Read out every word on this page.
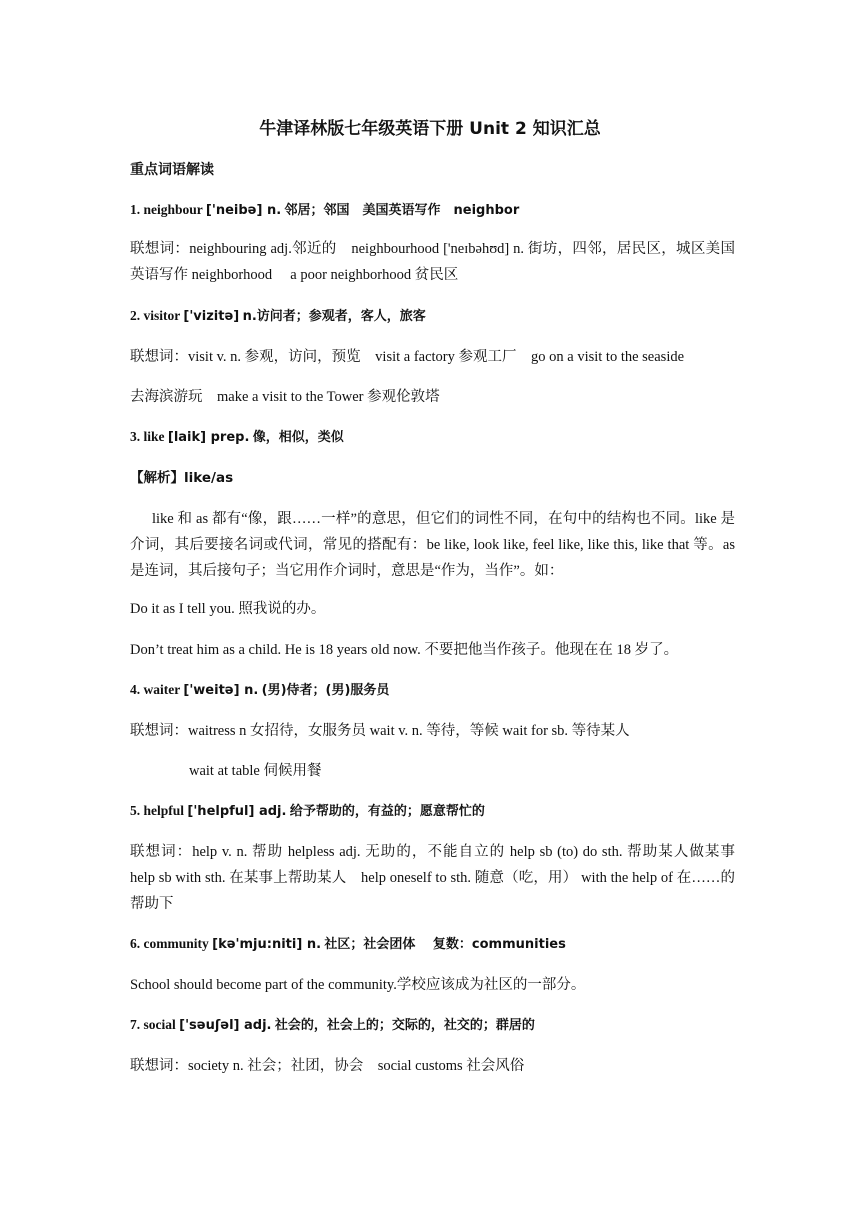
牛津译林版七年级英语下册 Unit 2 知识汇总

重点词语解读

1. neighbour ['neibə] n. 邻居；邻国　美国英语写作　neighbor

联想词：neighbouring adj.邻近的　neighbourhood ['neɪbəhʊd] n. 街坊，四邻，居民区，城区美国英语写作 neighborhood　 a poor neighborhood 贫民区

2. visitor ['vizitə] n.访问者；参观者，客人，旅客

联想词：visit v. n. 参观，访问，预览　visit a factory 参观工厂　go on a visit to the seaside

去海滨游玩　make a visit to the Tower 参观伦敦塔

3. like [laik] prep. 像，相似，类似

【解析】like/as

like 和 as 都有“像，跟……一样”的意思，但它们的词性不同，在句中的结构也不同。like 是介词，其后要接名词或代词，常见的搭配有：be like, look like, feel like, like this, like that 等。as 是连词，其后接句子；当它用作介词时，意思是“作为，当作”。如：

Do it as I tell you. 照我说的办。

Don’t treat him as a child. He is 18 years old now. 不要把他当作孩子。他现在在 18 岁了。

4. waiter ['weitə] n. (男)侍者；(男)服务员

联想词：waitress n 女招待，女服务员 wait v. n. 等待，等候 wait for sb. 等待某人

wait at table 伺候用餐

5. helpful ['helpful] adj. 给予帮助的，有益的；愿意帮忙的

联想词：help v. n. 帮助 helpless adj. 无助的，不能自立的 help sb (to) do sth. 帮助某人做某事　help sb with sth. 在某事上帮助某人　help oneself to sth. 随意（吃，用） with the help of 在……的帮助下

6. community [kə'mju:niti] n. 社区；社会团体　 复数：communities

School should become part of the community.学校应该成为社区的一部分。

7. social ['səuʃəl] adj. 社会的，社会上的；交际的，社交的；群居的

联想词：society n. 社会；社团，协会　social customs 社会风俗
